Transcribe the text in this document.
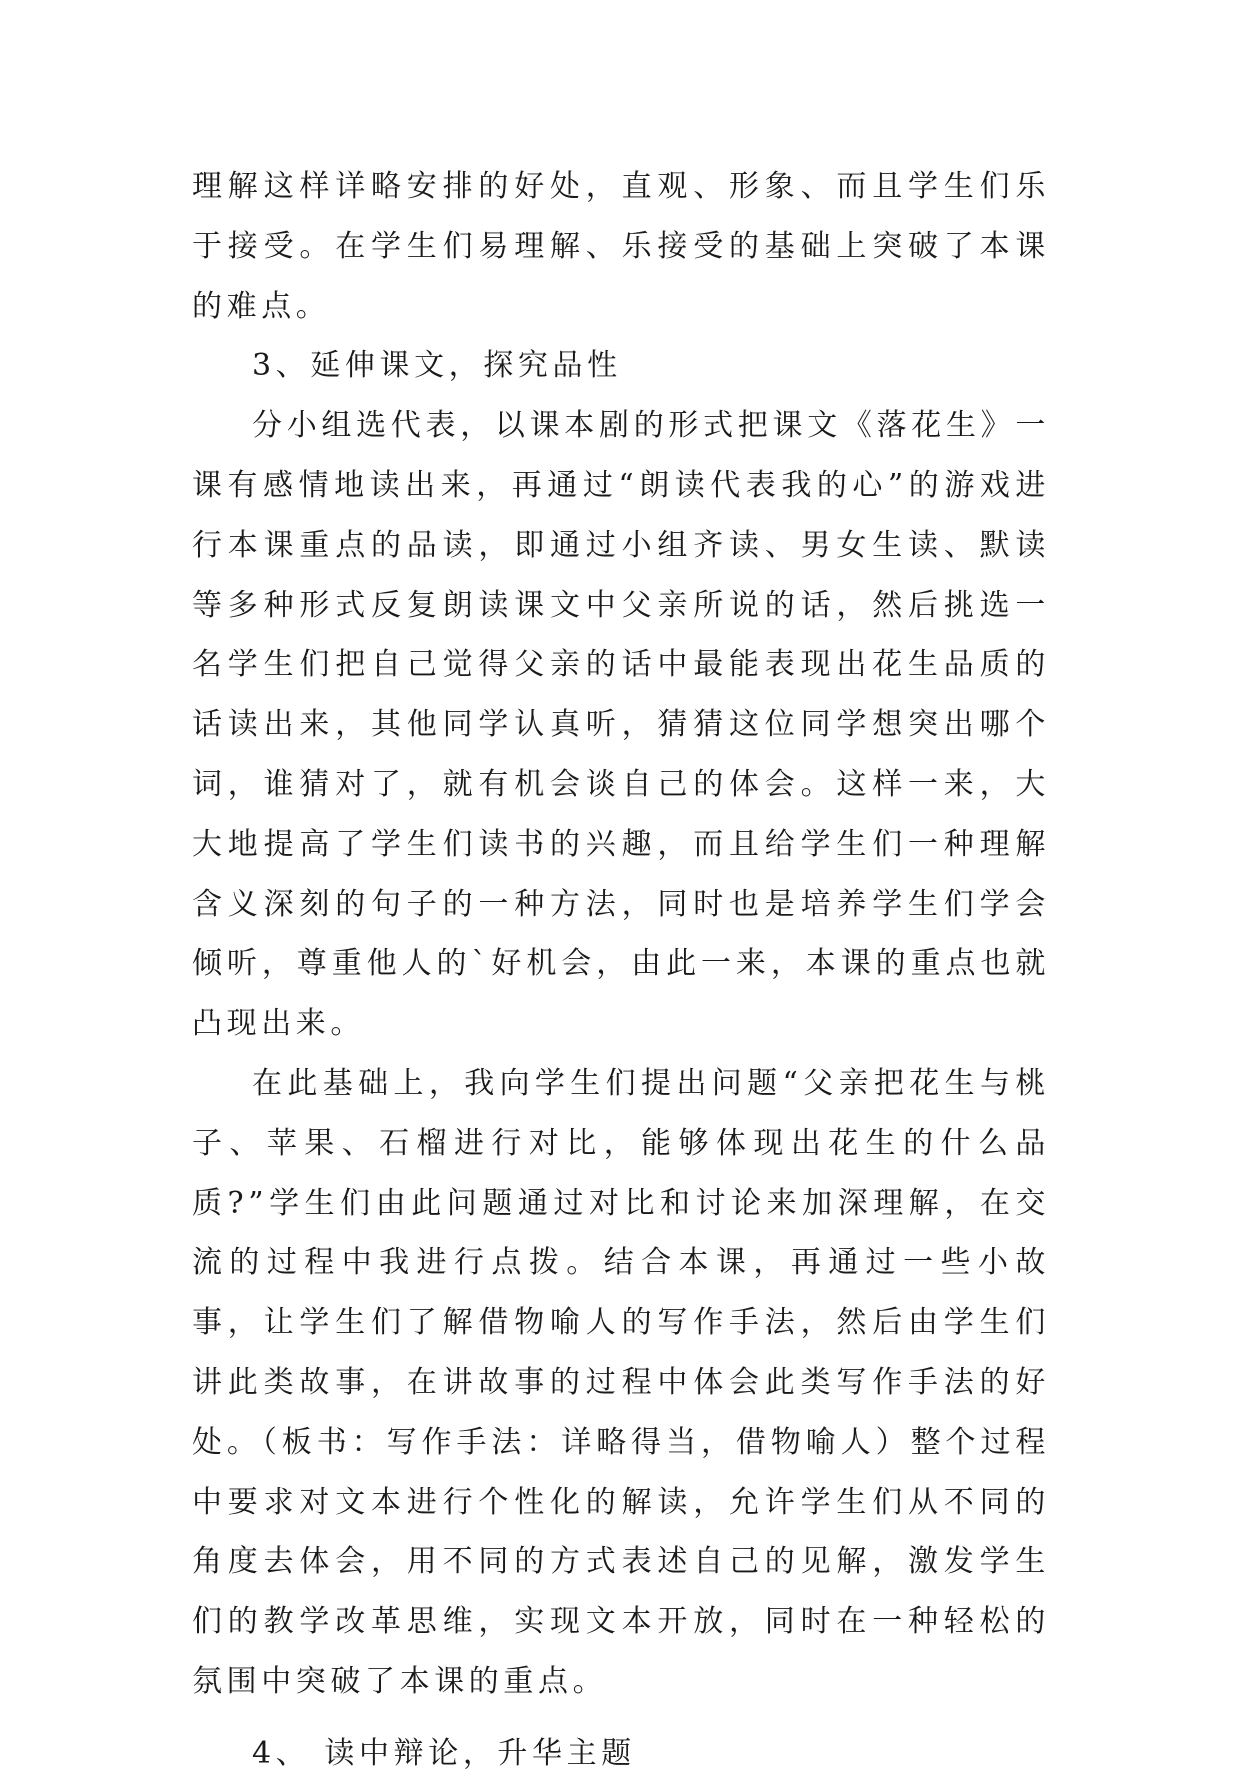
理解这样详略安排的好处，直观、形象、而且学生们乐于接受。在学生们易理解、乐接受的基础上突破了本课的难点。

3、延伸课文，探究品性

分小组选代表，以课本剧的形式把课文《落花生》一课有感情地读出来，再通过“朗读代表我的心”的游戏进行本课重点的品读，即通过小组齐读、男女生读、默读等多种形式反复朗读课文中父亲所说的话，然后挑选一名学生们把自己觉得父亲的话中最能表现出花生品质的话读出来，其他同学认真听，猜猜这位同学想突出哪个词，谁猜对了，就有机会谈自己的体会。这样一来，大大地提高了学生们读书的兴趣，而且给学生们一种理解含义深刻的句子的一种方法，同时也是培养学生们学会倾听，尊重他人的`好机会，由此一来，本课的重点也就凸现出来。

在此基础上，我向学生们提出问题“父亲把花生与桃子、苹果、石榴进行对比，能够体现出花生的什么品质?”学生们由此问题通过对比和讨论来加深理解，在交流的过程中我进行点拨。结合本课，再通过一些小故事，让学生们了解借物喻人的写作手法，然后由学生们讲此类故事，在讲故事的过程中体会此类写作手法的好处。（板书：写作手法：详略得当，借物喻人）整个过程中要求对文本进行个性化的解读，允许学生们从不同的角度去体会，用不同的方式表述自己的见解，激发学生们的教学改革思维，实现文本开放，同时在一种轻松的氛围中突破了本课的重点。

4、 读中辩论，升华主题
